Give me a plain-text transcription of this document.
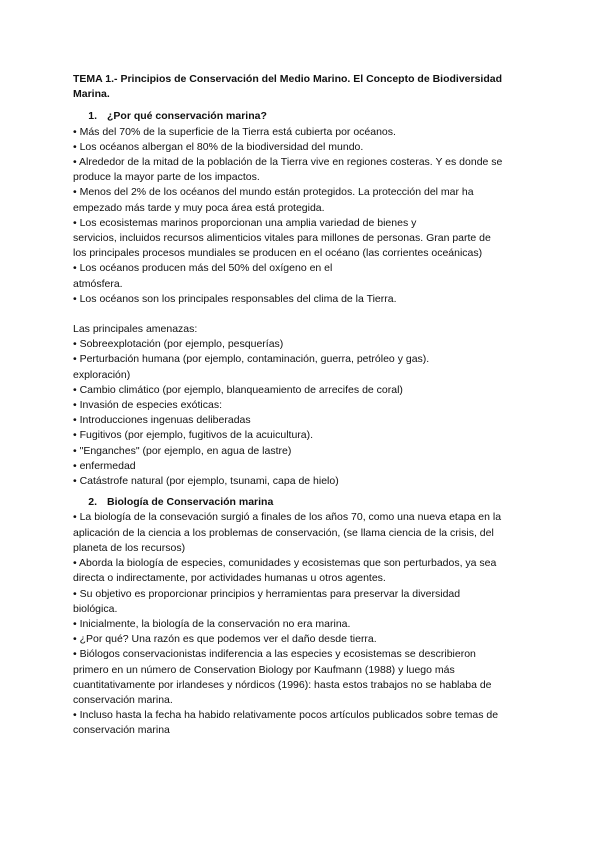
TEMA 1.- Principios de Conservación del Medio Marino. El Concepto de Biodiversidad
Marina.
1. ¿Por qué conservación marina?
• Más del 70% de la superficie de la Tierra está cubierta por océanos.
• Los océanos albergan el 80% de la biodiversidad del mundo.
• Alrededor de la mitad de la población de la Tierra vive en regiones costeras. Y es donde se
produce la mayor parte de los impactos.
• Menos del 2% de los océanos del mundo están protegidos. La protección del mar ha
empezado más tarde y muy poca área está protegida.
• Los ecosistemas marinos proporcionan una amplia variedad de bienes y
servicios, incluidos recursos alimenticios vitales para millones de personas. Gran parte de
los principales procesos mundiales se producen en el océano (las corrientes oceánicas)
• Los océanos producen más del 50% del oxígeno en el
atmósfera.
• Los océanos son los principales responsables del clima de la Tierra.
Las principales amenazas:
• Sobreexplotación (por ejemplo, pesquerías)
• Perturbación humana (por ejemplo, contaminación, guerra, petróleo y gas).
exploración)
• Cambio climático (por ejemplo, blanqueamiento de arrecifes de coral)
• Invasión de especies exóticas:
• Introducciones ingenuas deliberadas
• Fugitivos (por ejemplo, fugitivos de la acuicultura).
• "Enganches" (por ejemplo, en agua de lastre)
• enfermedad
• Catástrofe natural (por ejemplo, tsunami, capa de hielo)
2. Biología de Conservación marina
• La biología de la consevación surgió a finales de los años 70, como una nueva etapa en la
aplicación de la ciencia a los problemas de conservación, (se llama ciencia de la crisis, del
planeta de los recursos)
• Aborda la biología de especies, comunidades y ecosistemas que son perturbados, ya sea
directa o indirectamente, por actividades humanas u otros agentes.
• Su objetivo es proporcionar principios y herramientas para preservar la diversidad
biológica.
• Inicialmente, la biología de la conservación no era marina.
• ¿Por qué? Una razón es que podemos ver el daño desde tierra.
• Biólogos conservacionistas indiferencia a las especies y ecosistemas se describieron
primero en un número de Conservation Biology por Kaufmann (1988) y luego más
cuantitativamente por irlandeses y nórdicos (1996): hasta estos trabajos no se hablaba de
conservación marina.
• Incluso hasta la fecha ha habido relativamente pocos artículos publicados sobre temas de
conservación marina
